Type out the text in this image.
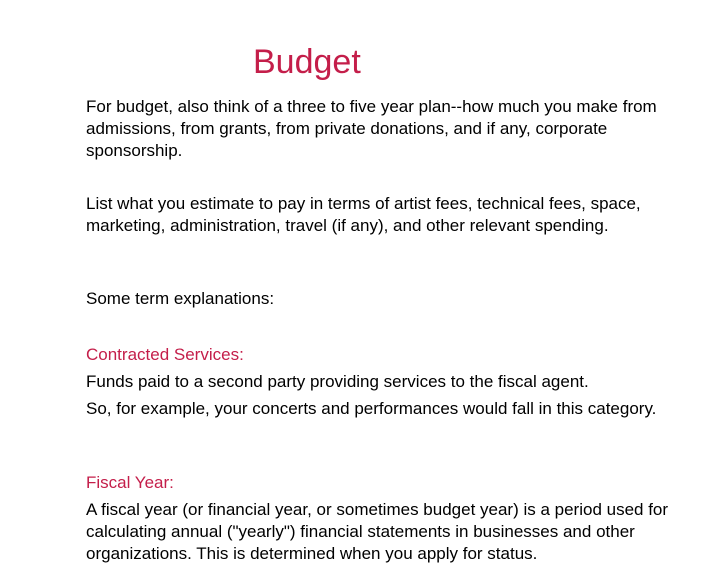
Budget

For budget, also think of a three to five year plan--how much you make from admissions, from grants, from private donations, and if any, corporate sponsorship.

List what you estimate to pay in terms of artist fees, technical fees, space, marketing, administration, travel (if any), and other relevant spending.

Some term explanations:

Contracted Services:

Funds paid to a second party providing services to the fiscal agent.

So, for example, your concerts and performances would fall in this category.

Fiscal Year:

A fiscal year (or financial year, or sometimes budget year) is a period used for calculating annual ("yearly") financial statements in businesses and other organizations. This is determined when you apply for status.
